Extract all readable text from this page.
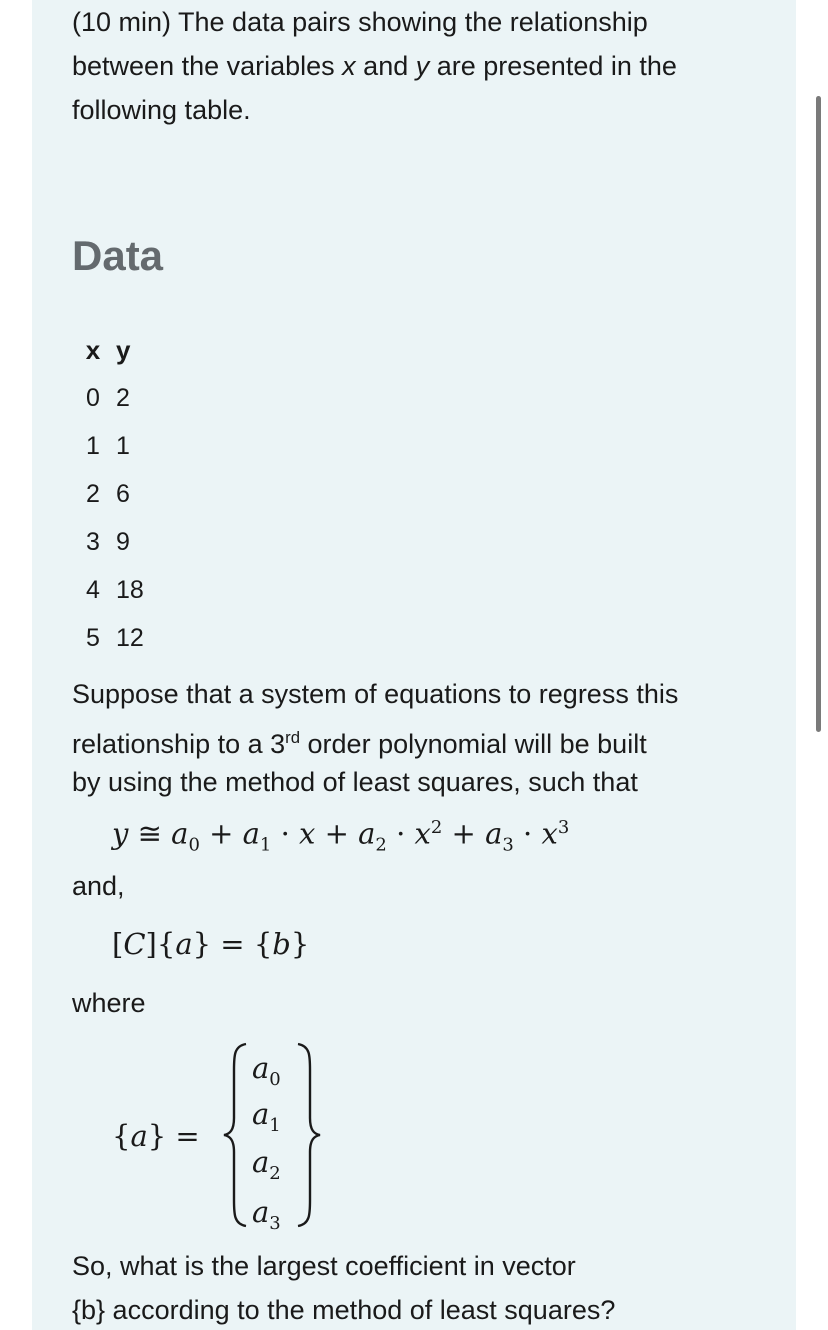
(10 min) The data pairs showing the relationship
between the variables x and y are presented in the
following table.
Data
x y
0 2
1 1
2 6
3 9
4 18
5 12
Suppose that a system of equations to regress this
relationship to a 3rd order polynomial will be built
by using the method of least squares, such that
y ≅ $a_0 + a_1 \cdot x + a_2 \cdot x^2 + a_3 \cdot x^3$
and,
[C]{a} = {b}
where
{a} =
$a_0$
$a_1$
$a_2$
$a_3$
So, what is the largest coefficient in vector
{b} according to the method of least squares?
